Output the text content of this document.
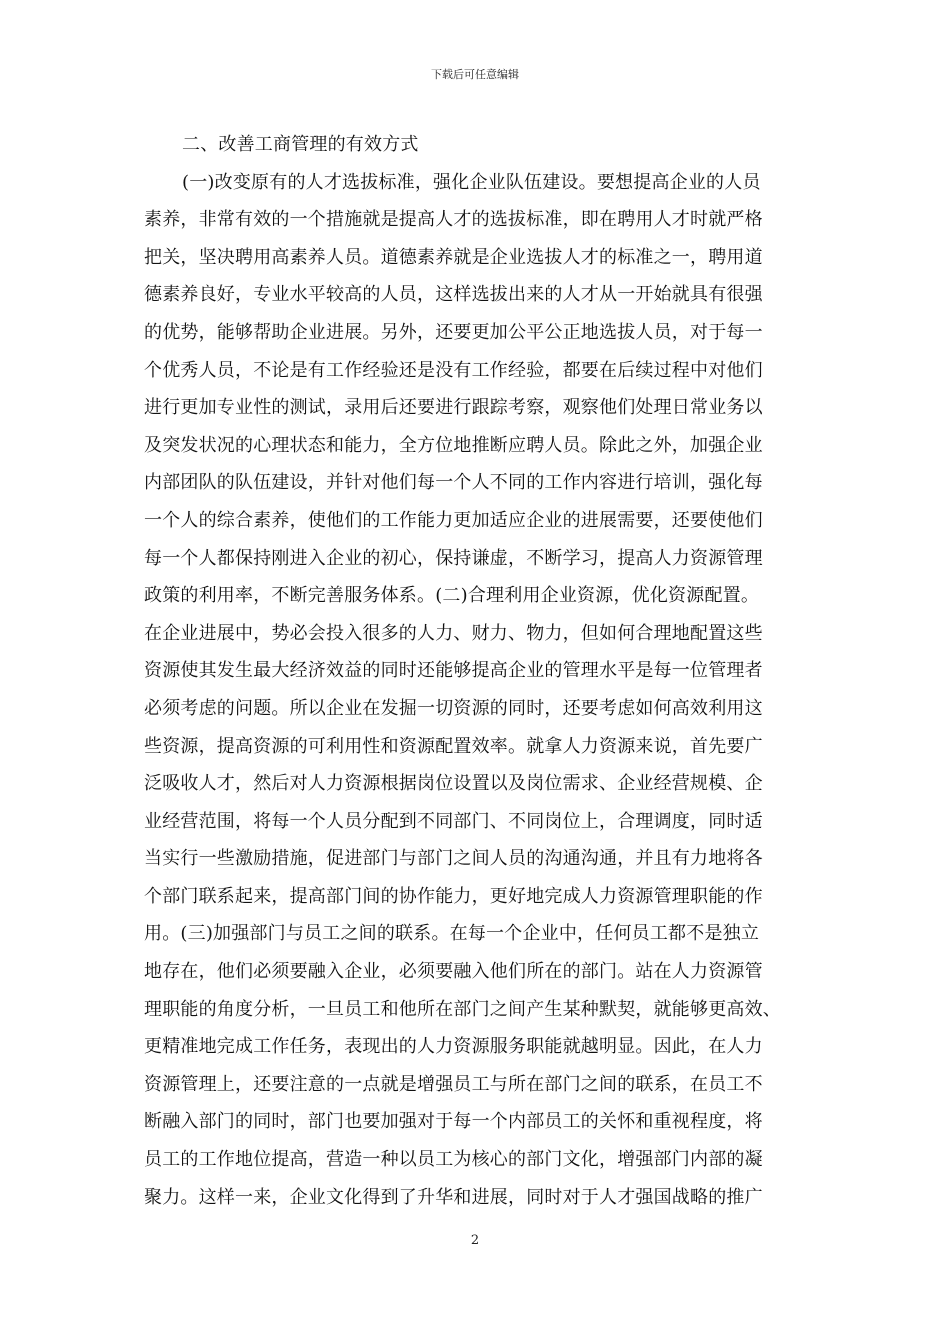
下载后可任意编辑
二、改善工商管理的有效方式
(一)改变原有的人才选拔标准，强化企业队伍建设。要想提高企业的人员
素养，非常有效的一个措施就是提高人才的选拔标准，即在聘用人才时就严格
把关，坚决聘用高素养人员。道德素养就是企业选拔人才的标准之一，聘用道
德素养良好，专业水平较高的人员，这样选拔出来的人才从一开始就具有很强
的优势，能够帮助企业进展。另外，还要更加公平公正地选拔人员，对于每一
个优秀人员，不论是有工作经验还是没有工作经验，都要在后续过程中对他们
进行更加专业性的测试，录用后还要进行跟踪考察，观察他们处理日常业务以
及突发状况的心理状态和能力，全方位地推断应聘人员。除此之外，加强企业
内部团队的队伍建设，并针对他们每一个人不同的工作内容进行培训，强化每
一个人的综合素养，使他们的工作能力更加适应企业的进展需要，还要使他们
每一个人都保持刚进入企业的初心，保持谦虚，不断学习，提高人力资源管理
政策的利用率，不断完善服务体系。(二)合理利用企业资源，优化资源配置。
在企业进展中，势必会投入很多的人力、财力、物力，但如何合理地配置这些
资源使其发生最大经济效益的同时还能够提高企业的管理水平是每一位管理者
必须考虑的问题。所以企业在发掘一切资源的同时，还要考虑如何高效利用这
些资源，提高资源的可利用性和资源配置效率。就拿人力资源来说，首先要广
泛吸收人才，然后对人力资源根据岗位设置以及岗位需求、企业经营规模、企
业经营范围，将每一个人员分配到不同部门、不同岗位上，合理调度，同时适
当实行一些激励措施，促进部门与部门之间人员的沟通沟通，并且有力地将各
个部门联系起来，提高部门间的协作能力，更好地完成人力资源管理职能的作
用。(三)加强部门与员工之间的联系。在每一个企业中，任何员工都不是独立
地存在，他们必须要融入企业，必须要融入他们所在的部门。站在人力资源管
理职能的角度分析，一旦员工和他所在部门之间产生某种默契，就能够更高效、
更精准地完成工作任务，表现出的人力资源服务职能就越明显。因此，在人力
资源管理上，还要注意的一点就是增强员工与所在部门之间的联系，在员工不
断融入部门的同时，部门也要加强对于每一个内部员工的关怀和重视程度，将
员工的工作地位提高，营造一种以员工为核心的部门文化，增强部门内部的凝
聚力。这样一来，企业文化得到了升华和进展，同时对于人才强国战略的推广
2
